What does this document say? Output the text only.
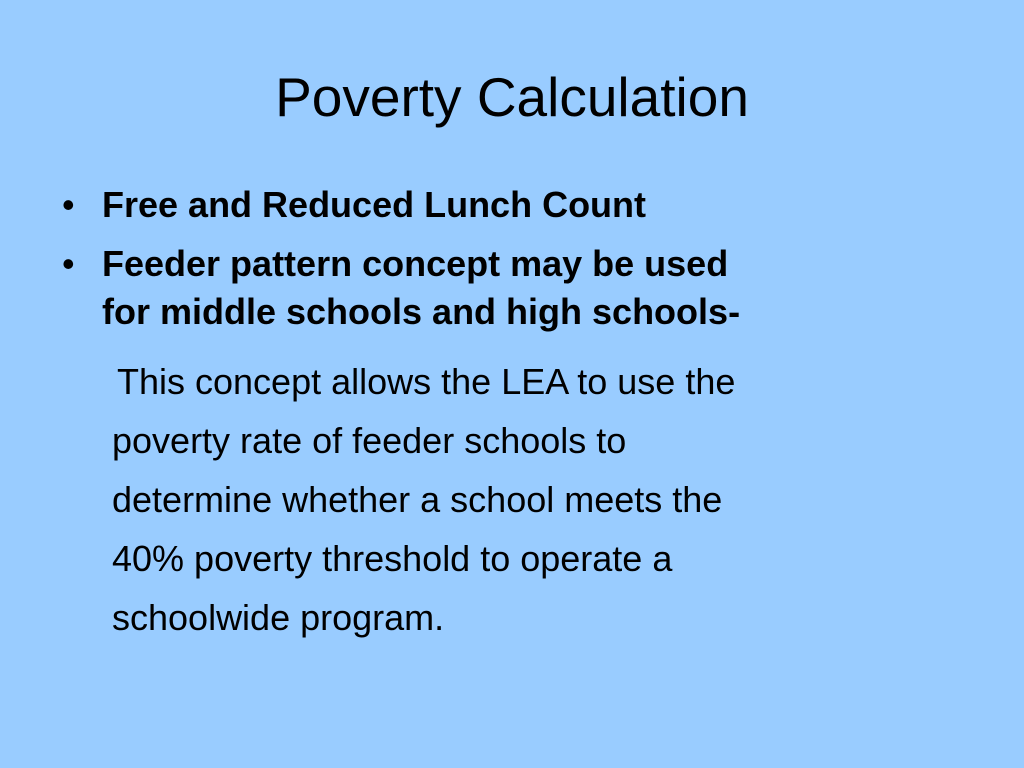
Poverty Calculation
• Free and Reduced Lunch Count
• Feeder pattern concept may be used
for middle schools and high schools-

This concept allows the LEA to use the
poverty rate of feeder schools to
determine whether a school meets the
40% poverty threshold to operate a
schoolwide program.
